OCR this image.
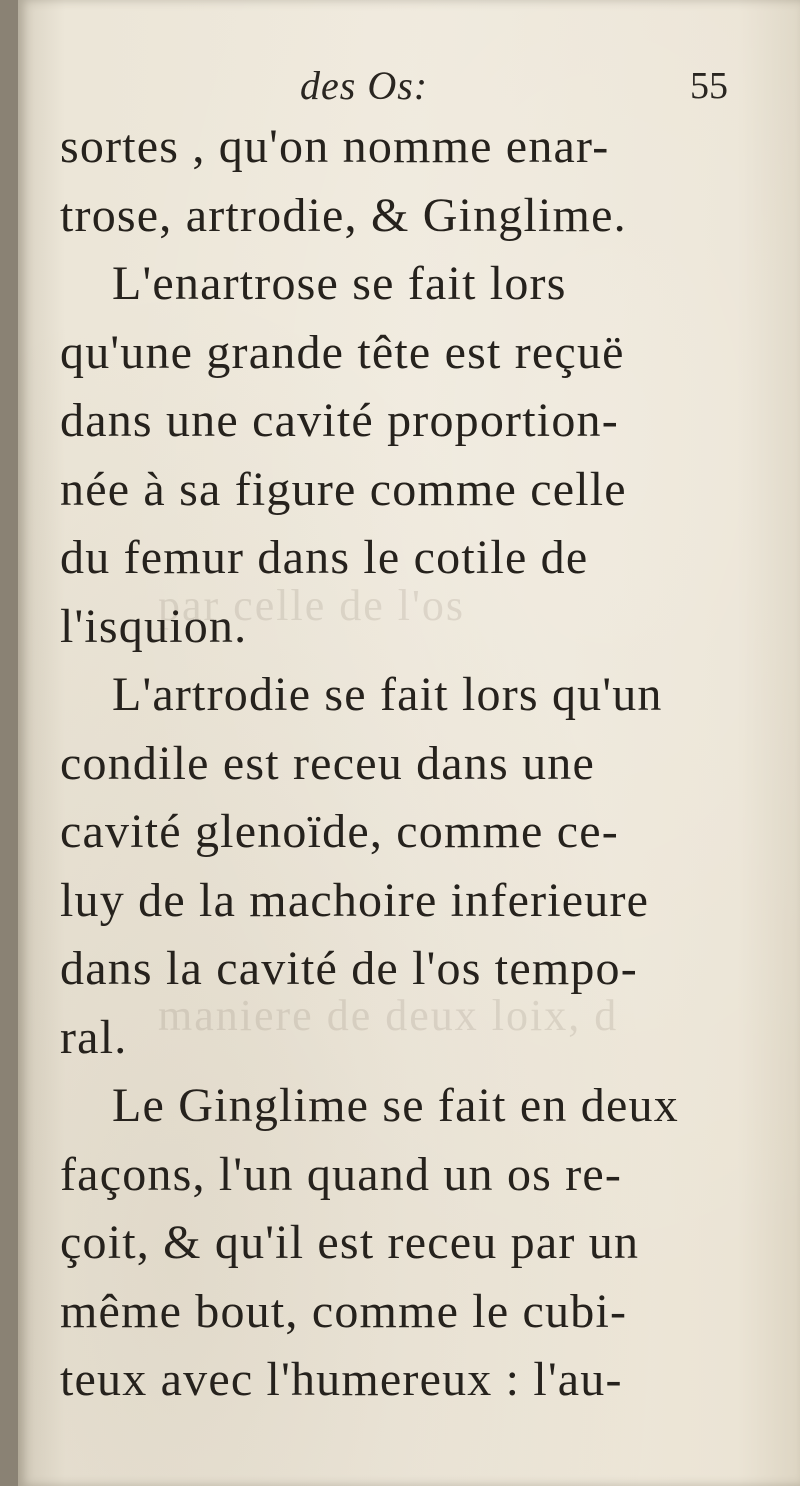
par celle de l'os
maniere de deux loix, d
des Os:	55
sortes , qu'on nomme enar-
trose, artrodie, & Ginglime.
L'enartrose se fait lors
qu'une grande tête est reçuë
dans une cavité proportion-
née à sa figure comme celle
du femur dans le cotile de
l'isquion.
L'artrodie se fait lors qu'un
condile est receu dans une
cavité glenoïde, comme ce-
luy de la machoire inferieure
dans la cavité de l'os tempo-
ral.
Le Ginglime se fait en deux
façons, l'un quand un os re-
çoit, & qu'il est receu par un
même bout, comme le cubi-
teux avec l'humereux : l'au-
